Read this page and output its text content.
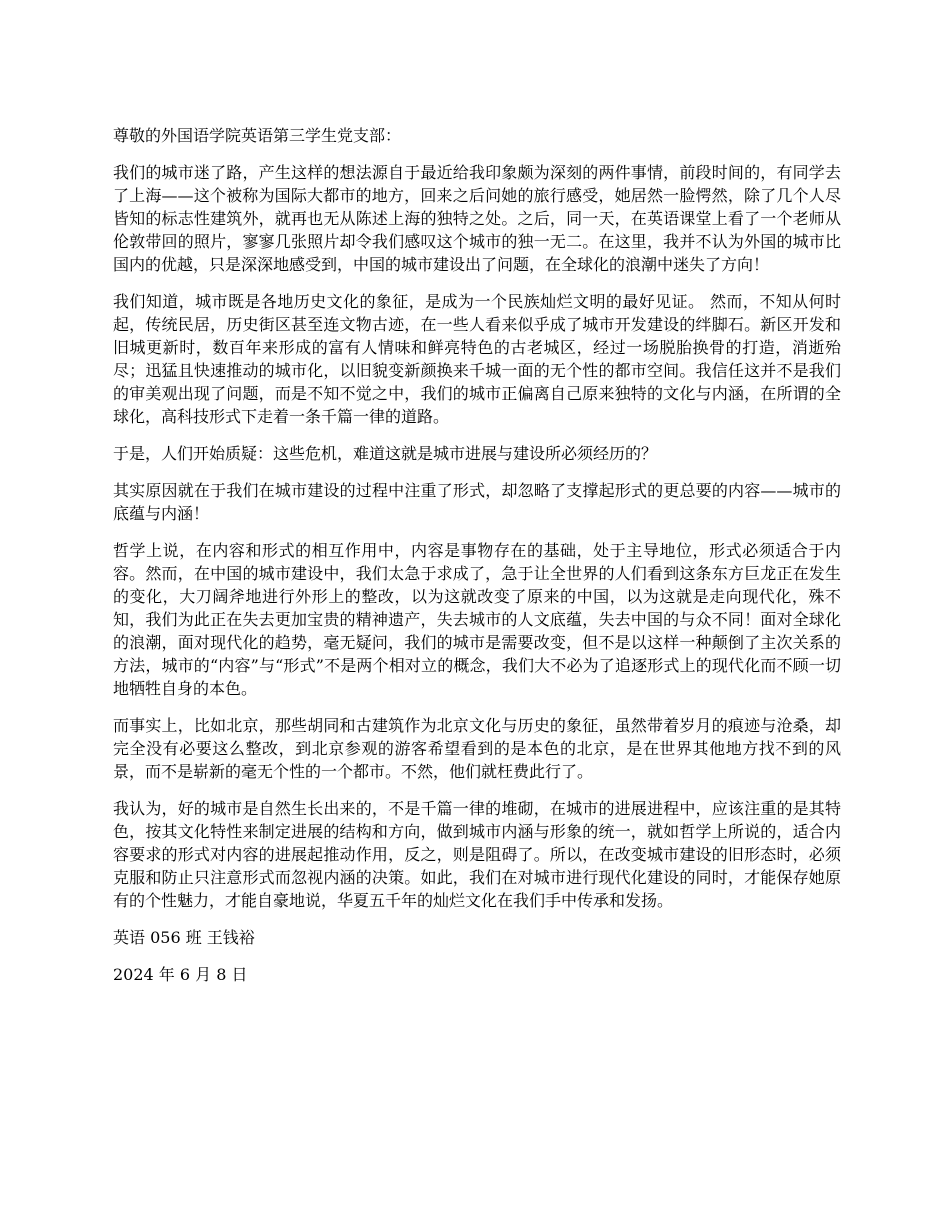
尊敬的外国语学院英语第三学生党支部：

我们的城市迷了路，产生这样的想法源自于最近给我印象颇为深刻的两件事情，前段时间的，有同学去了上海——这个被称为国际大都市的地方，回来之后问她的旅行感受，她居然一脸愕然，除了几个人尽皆知的标志性建筑外，就再也无从陈述上海的独特之处。之后，同一天，在英语课堂上看了一个老师从伦敦带回的照片，寥寥几张照片却令我们感叹这个城市的独一无二。在这里，我并不认为外国的城市比国内的优越，只是深深地感受到，中国的城市建设出了问题，在全球化的浪潮中迷失了方向！

我们知道，城市既是各地历史文化的象征，是成为一个民族灿烂文明的最好见证。 然而，不知从何时起，传统民居，历史街区甚至连文物古迹，在一些人看来似乎成了城市开发建设的绊脚石。新区开发和旧城更新时，数百年来形成的富有人情味和鲜亮特色的古老城区，经过一场脱胎换骨的打造，消逝殆尽；迅猛且快速推动的城市化，以旧貌变新颜换来千城一面的无个性的都市空间。我信任这并不是我们的审美观出现了问题，而是不知不觉之中，我们的城市正偏离自己原来独特的文化与内涵，在所谓的全球化，高科技形式下走着一条千篇一律的道路。

于是，人们开始质疑：这些危机，难道这就是城市进展与建设所必须经历的？

其实原因就在于我们在城市建设的过程中注重了形式，却忽略了支撑起形式的更总要的内容——城市的底蕴与内涵！

哲学上说，在内容和形式的相互作用中，内容是事物存在的基础，处于主导地位，形式必须适合于内容。然而，在中国的城市建设中，我们太急于求成了，急于让全世界的人们看到这条东方巨龙正在发生的变化，大刀阔斧地进行外形上的整改，以为这就改变了原来的中国，以为这就是走向现代化，殊不知，我们为此正在失去更加宝贵的精神遗产，失去城市的人文底蕴，失去中国的与众不同！面对全球化的浪潮，面对现代化的趋势，毫无疑问，我们的城市是需要改变，但不是以这样一种颠倒了主次关系的方法，城市的“内容”与“形式”不是两个相对立的概念，我们大不必为了追逐形式上的现代化而不顾一切地牺牲自身的本色。

而事实上，比如北京，那些胡同和古建筑作为北京文化与历史的象征，虽然带着岁月的痕迹与沧桑，却完全没有必要这么整改，到北京参观的游客希望看到的是本色的北京，是在世界其他地方找不到的风景，而不是崭新的毫无个性的一个都市。不然，他们就枉费此行了。

我认为，好的城市是自然生长出来的，不是千篇一律的堆砌，在城市的进展进程中，应该注重的是其特色，按其文化特性来制定进展的结构和方向，做到城市内涵与形象的统一，就如哲学上所说的，适合内容要求的形式对内容的进展起推动作用，反之，则是阻碍了。所以，在改变城市建设的旧形态时，必须克服和防止只注意形式而忽视内涵的决策。如此，我们在对城市进行现代化建设的同时，才能保存她原有的个性魅力，才能自豪地说，华夏五千年的灿烂文化在我们手中传承和发扬。

英语 056 班 王钱裕

2024 年 6 月 8 日
